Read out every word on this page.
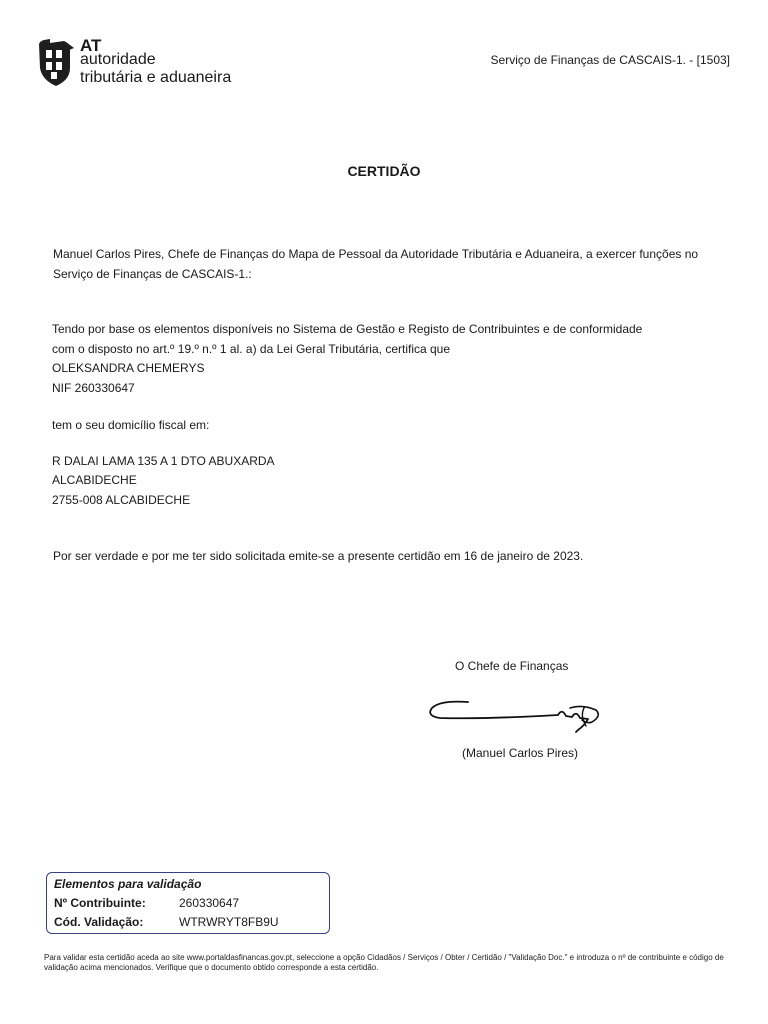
AT
autoridade
tributária e aduaneira
Serviço de Finanças de CASCAIS-1. - [1503]
CERTIDÃO
Manuel Carlos Pires, Chefe de Finanças do Mapa de Pessoal da Autoridade Tributária e Aduaneira, a exercer funções no Serviço de Finanças de CASCAIS-1.:
Tendo por base os elementos disponíveis no Sistema de Gestão e Registo de Contribuintes e de conformidade
com o disposto no art.º 19.º n.º 1 al. a) da Lei Geral Tributária, certifica que
OLEKSANDRA CHEMERYS
NIF 260330647
tem o seu domicílio fiscal em:
R DALAI LAMA 135 A 1 DTO ABUXARDA
ALCABIDECHE
2755-008 ALCABIDECHE
Por ser verdade e por me ter sido solicitada emite-se a presente certidão em 16 de janeiro de 2023.
O Chefe de Finanças
(Manuel Carlos Pires)
Elementos para validação
Nº Contribuinte:	260330647
Cód. Validação:	WTRWRYT8FB9U
Para validar esta certidão aceda ao site www.portaldasfinancas.gov.pt, seleccione a opção Cidadãos / Serviços / Obter / Certidão / "Validação Doc." e introduza o nº de contribuinte e código de validação acima mencionados. Verifique que o documento obtido corresponde a esta certidão.
